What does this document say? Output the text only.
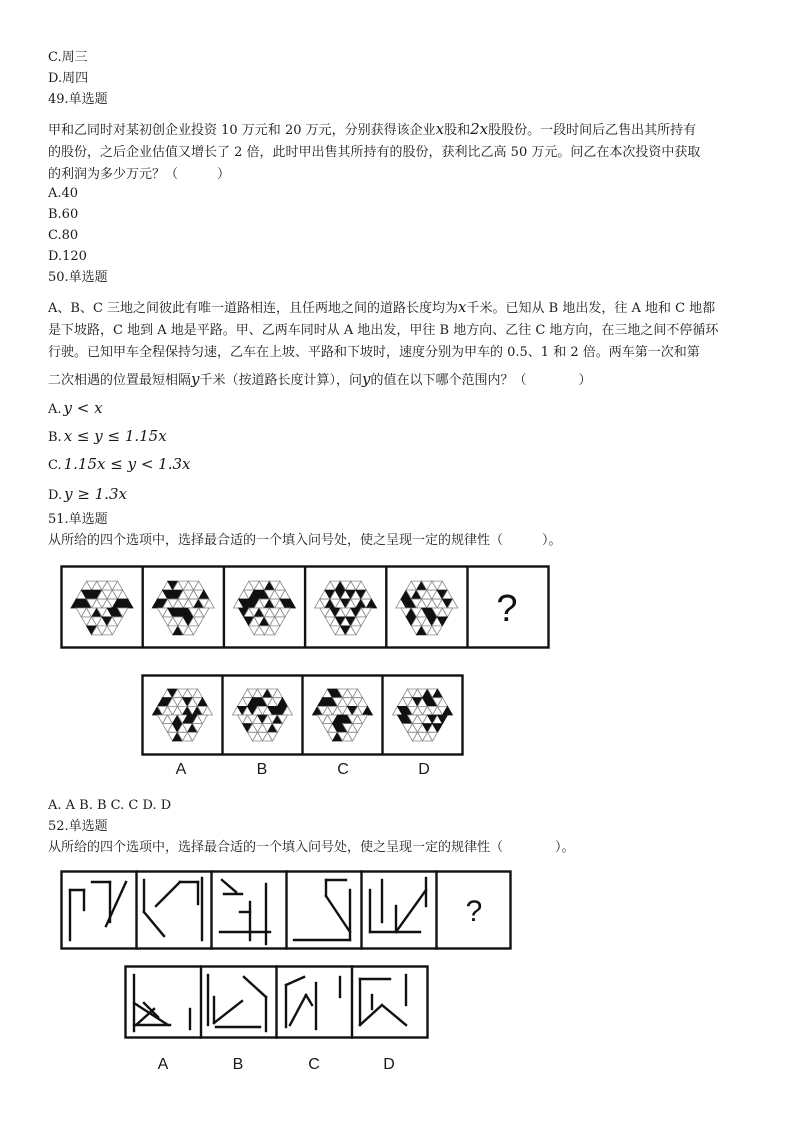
C.周三
D.周四
49.单选题
甲和乙同时对某初创企业投资 10 万元和 20 万元，分别获得该企业x股和2x股股份。一段时间后乙售出其所持有
的股份，之后企业估值又增长了 2 倍，此时甲出售其所持有的股份，获利比乙高 50 万元。问乙在本次投资中获取
的利润为多少万元？（　　　）
A.40
B.60
C.80
D.120
50.单选题
A、B、C 三地之间彼此有唯一道路相连，且任两地之间的道路长度均为x千米。已知从 B 地出发，往 A 地和 C 地都
是下坡路，C 地到 A 地是平路。甲、乙两车同时从 A 地出发，甲往 B 地方向、乙往 C 地方向，在三地之间不停循环
行驶。已知甲车全程保持匀速，乙车在上坡、平路和下坡时，速度分别为甲车的 0.5、1 和 2 倍。两车第一次和第
二次相遇的位置最短相隔y千米（按道路长度计算），问y的值在以下哪个范围内？（　　　　）
A. y < x
B. x ≤ y ≤ 1.15x
C. 1.15x ≤ y < 1.3x
D. y ≥ 1.3x
51.单选题
从所给的四个选项中，选择最合适的一个填入问号处，使之呈现一定的规律性（　　　）。
?
A	B	C	D
A. A B. B C. C D. D
52.单选题
从所给的四个选项中，选择最合适的一个填入问号处，使之呈现一定的规律性（　　　　）。
?
A	B	C	D
